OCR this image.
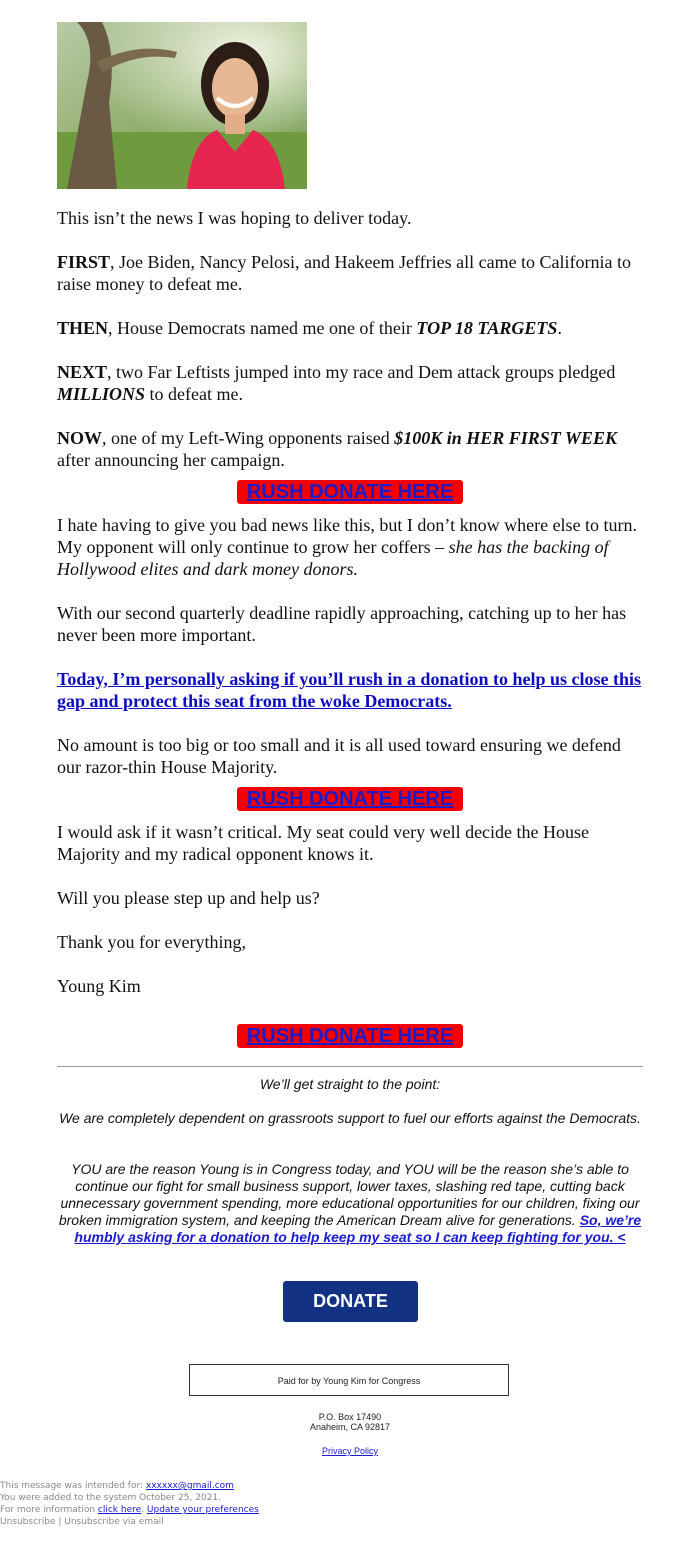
This isn’t the news I was hoping to deliver today.

FIRST, Joe Biden, Nancy Pelosi, and Hakeem Jeffries all came to California to raise money to defeat me.

THEN, House Democrats named me one of their TOP 18 TARGETS.

NEXT, two Far Leftists jumped into my race and Dem attack groups pledged MILLIONS to defeat me.

NOW, one of my Left-Wing opponents raised $100K in HER FIRST WEEK after announcing her campaign.

RUSH DONATE HERE

I hate having to give you bad news like this, but I don’t know where else to turn. My opponent will only continue to grow her coffers – she has the backing of Hollywood elites and dark money donors.

With our second quarterly deadline rapidly approaching, catching up to her has never been more important.

Today, I’m personally asking if you’ll rush in a donation to help us close this gap and protect this seat from the woke Democrats.

No amount is too big or too small and it is all used toward ensuring we defend our razor-thin House Majority.

RUSH DONATE HERE

I would ask if it wasn’t critical. My seat could very well decide the House Majority and my radical opponent knows it.

Will you please step up and help us?

Thank you for everything,

Young Kim

RUSH DONATE HERE
We’ll get straight to the point:
We are completely dependent on grassroots support to fuel our efforts against the Democrats.
YOU are the reason Young is in Congress today, and YOU will be the reason she’s able to continue our fight for small business support, lower taxes, slashing red tape, cutting back unnecessary government spending, more educational opportunities for our children, fixing our broken immigration system, and keeping the American Dream alive for generations. So, we’re humbly asking for a donation to help keep my seat so I can keep fighting for you. <
DONATE
Paid for by Young Kim for Congress
P.O. Box 17490
Anaheim, CA 92817
Privacy Policy
This message was intended for: xxxxxx@gmail.com
You were added to the system October 25, 2021.
For more information click here. Update your preferences
Unsubscribe | Unsubscribe via email
